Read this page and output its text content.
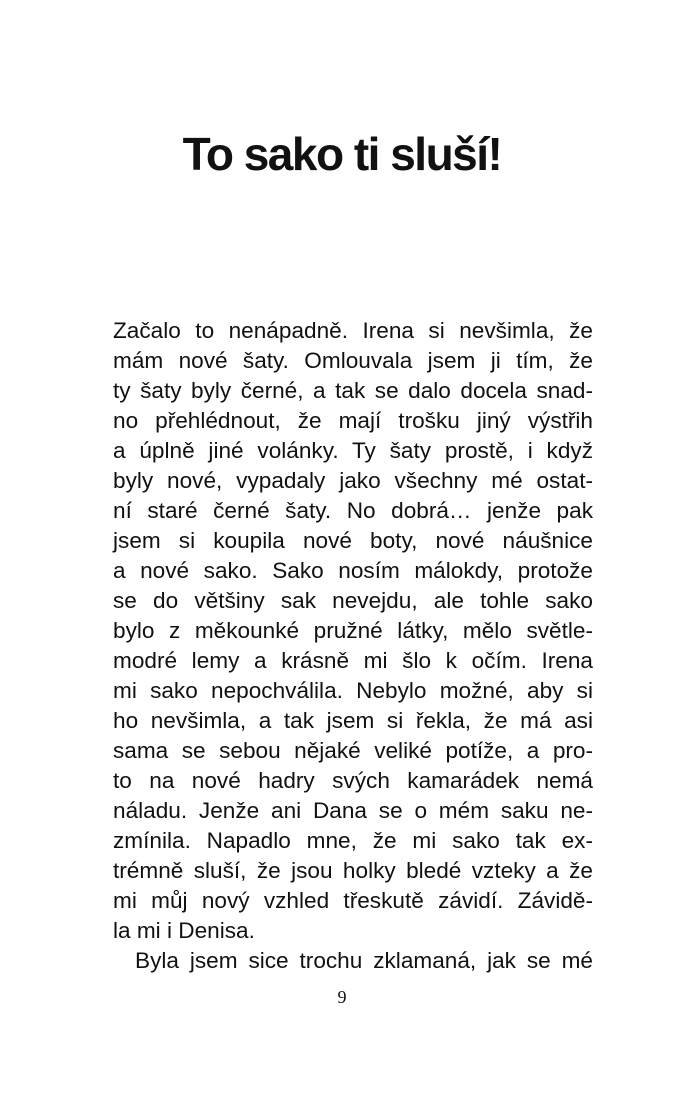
To sako ti sluší!
Začalo to nenápadně. Irena si nevšimla, že
mám nové šaty. Omlouvala jsem ji tím, že
ty šaty byly černé, a tak se dalo docela snad-
no přehlédnout, že mají trošku jiný výstřih
a úplně jiné volánky. Ty šaty prostě, i když
byly nové, vypadaly jako všechny mé ostat-
ní staré černé šaty. No dobrá… jenže pak
jsem si koupila nové boty, nové náušnice
a nové sako. Sako nosím málokdy, protože
se do většiny sak nevejdu, ale tohle sako
bylo z měkounké pružné látky, mělo světle-
modré lemy a krásně mi šlo k očím. Irena
mi sako nepochválila. Nebylo možné, aby si
ho nevšimla, a tak jsem si řekla, že má asi
sama se sebou nějaké veliké potíže, a pro-
to na nové hadry svých kamarádek nemá
náladu. Jenže ani Dana se o mém saku ne-
zmínila. Napadlo mne, že mi sako tak ex-
trémně sluší, že jsou holky bledé vzteky a že
mi můj nový vzhled třeskutě závidí. Závidě-
la mi i Denisa.
Byla jsem sice trochu zklamaná, jak se mé
9
